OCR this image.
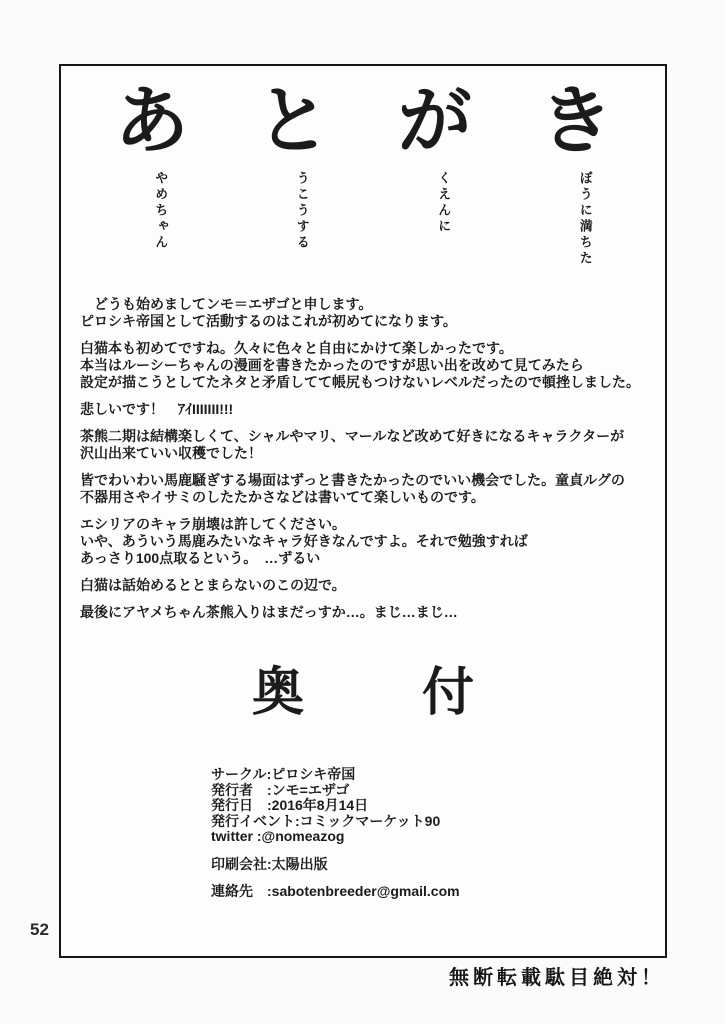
52
あ
やめちゃん
と
うこうする
が
くえんに
き
ぼうに満ちた
　どうも始めましてンモ＝エザゴと申します。
ピロシキ帝国として活動するのはこれが初めてになります。
白猫本も初めてですね。久々に色々と自由にかけて楽しかったです。
本当はルーシーちゃんの漫画を書きたかったのですが思い出を改めて見てみたら
設定が描こうとしてたネタと矛盾してて帳尻もつけないレベルだったので頓挫しました。
悲しいです！　ｱｲIIIIIII!!!
茶熊二期は結構楽しくて、シャルやマリ、マールなど改めて好きになるキャラクターが
沢山出来ていい収穫でした！
皆でわいわい馬鹿騒ぎする場面はずっと書きたかったのでいい機会でした。童貞ルグの
不器用さやイサミのしたたかさなどは書いてて楽しいものです。
エシリアのキャラ崩壊は許してください。
いや、あういう馬鹿みたいなキャラ好きなんですよ。それで勉強すれば
あっさり100点取るという。　…ずるい
白猫は話始めるととまらないのこの辺で。
最後にアヤメちゃん茶熊入りはまだっすか…。まじ…まじ…
奥 付
サークル:ピロシキ帝国
発行者　:ンモ=エザゴ
発行日　:2016年8月14日
発行イベント:コミックマーケット90
twitter :@nomeazog
印刷会社:太陽出版
連絡先　:sabotenbreeder@gmail.com
無断転載駄目絶対！
